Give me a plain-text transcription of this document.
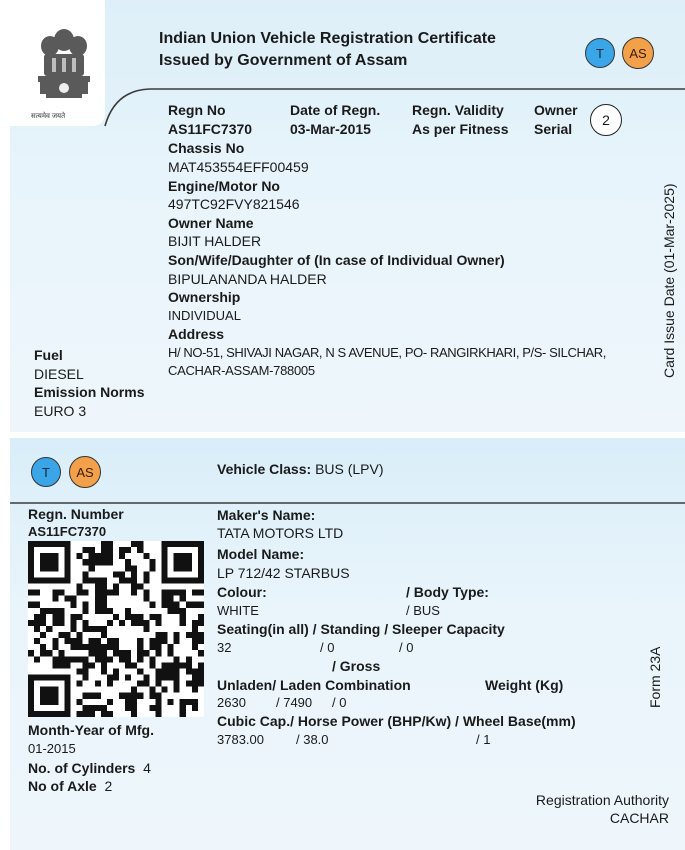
सत्यमेव जयते
Indian Union Vehicle Registration Certificate
Issued by Government of Assam	T	AS
Regn No
AS11FC7370
Date of Regn.
03-Mar-2015
Regn. Validity
As per Fitness
Owner
Serial
2
Chassis No
MAT453554EFF00459
Engine/Motor No
497TC92FVY821546
Owner Name
BIJIT HALDER
Son/Wife/Daughter of (In case of Individual Owner)
BIPULANANDA HALDER
Ownership
INDIVIDUAL
Address
H/ NO-51, SHIVAJI NAGAR, N S AVENUE, PO- RANGIRKHARI, P/S- SILCHAR,
CACHAR-ASSAM-788005
Fuel
DIESEL
Emission Norms
EURO 3
Card Issue Date (01-Mar-2025)
T	AS	Vehicle Class: BUS (LPV)
Regn. Number
AS11FC7370
Maker's Name:
TATA MOTORS LTD
Model Name:
LP 712/42 STARBUS
Colour:
WHITE
/ Body Type:
/ BUS
Seating(in all) / Standing / Sleeper Capacity
32	/ 0	/ 0
/ Gross
Unladen/ Laden Combination	Weight (Kg)
2630 / 7490 / 0
Cubic Cap./ Horse Power (BHP/Kw) / Wheel Base(mm)
3783.00 / 38.0	/ 1
Month-Year of Mfg.
01-2015
No. of Cylinders 4
No of Axle 2
Form 23A
Registration Authority
CACHAR
